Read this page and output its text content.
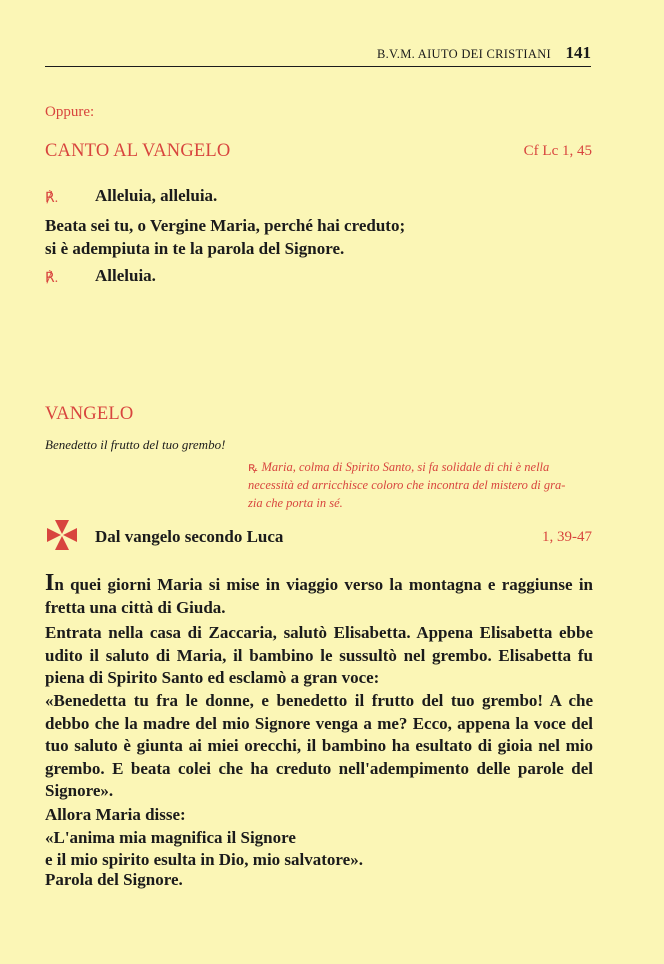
B.V.M. AIUTO DEI CRISTIANI 141
Oppure:
CANTO AL VANGELO	Cf Lc 1, 45
℟. Alleluia, alleluia.
Beata sei tu, o Vergine Maria, perché hai creduto;
si è adempiuta in te la parola del Signore.
℟. Alleluia.
VANGELO
Benedetto il frutto del tuo grembo!
ꝶ Maria, colma di Spirito Santo, si fa solidale di chi è nella
necessità ed arricchisce coloro che incontra del mistero di gra-
zia che porta in sé.
Dal vangelo secondo Luca	1, 39-47

In quei giorni Maria si mise in viaggio verso la montagna e raggiunse in fretta una città di Giuda.

Entrata nella casa di Zaccaria, salutò Elisabetta. Appena Elisabetta ebbe udito il saluto di Maria, il bambino le sussultò nel grembo. Elisabetta fu piena di Spirito Santo ed esclamò a gran voce:
«Benedetta tu fra le donne, e benedetto il frutto del tuo grembo! A che debbo che la madre del mio Signore venga a me? Ecco, appena la voce del tuo saluto è giunta ai miei orecchi, il bambino ha esultato di gioia nel mio grembo. E beata colei che ha creduto nell'adempimento delle parole del Signore».
Allora Maria disse:
«L'anima mia magnifica il Signore
e il mio spirito esulta in Dio, mio salvatore».
Parola del Signore.
